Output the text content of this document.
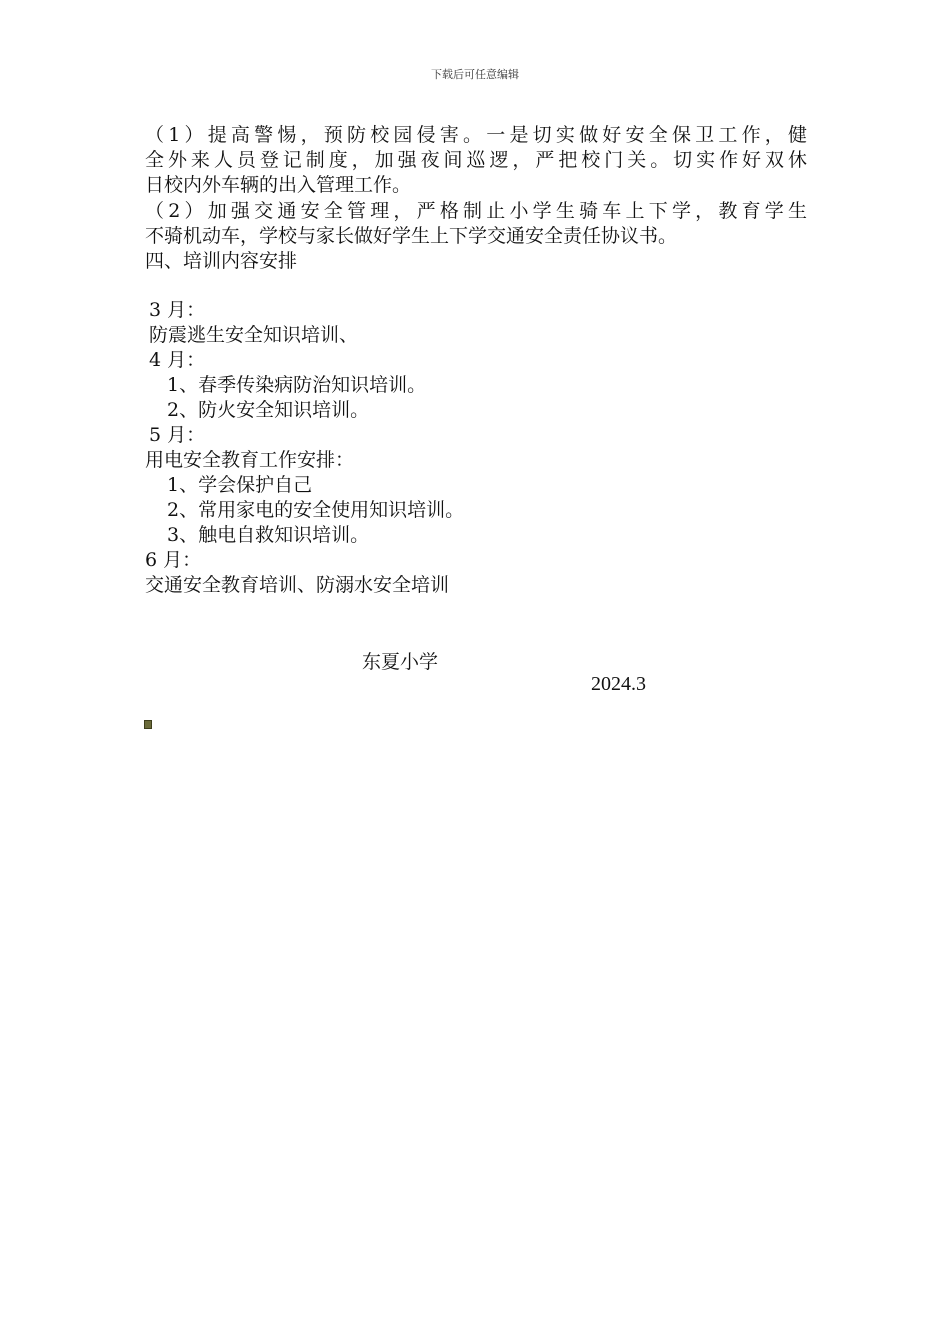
下载后可任意编辑
（1）提高警惕，预防校园侵害。一是切实做好安全保卫工作，健
全外来人员登记制度，加强夜间巡逻，严把校门关。切实作好双休
日校内外车辆的出入管理工作。
（2）加强交通安全管理，严格制止小学生骑车上下学，教育学生
不骑机动车，学校与家长做好学生上下学交通安全责任协议书。
四、培训内容安排
3 月：
防震逃生安全知识培训、
4 月：
1、春季传染病防治知识培训。
2、防火安全知识培训。
5 月：
用电安全教育工作安排：
1、学会保护自己
2、常用家电的安全使用知识培训。
3、触电自救知识培训。
6 月：
交通安全教育培训、防溺水安全培训
东夏小学
2024.3
